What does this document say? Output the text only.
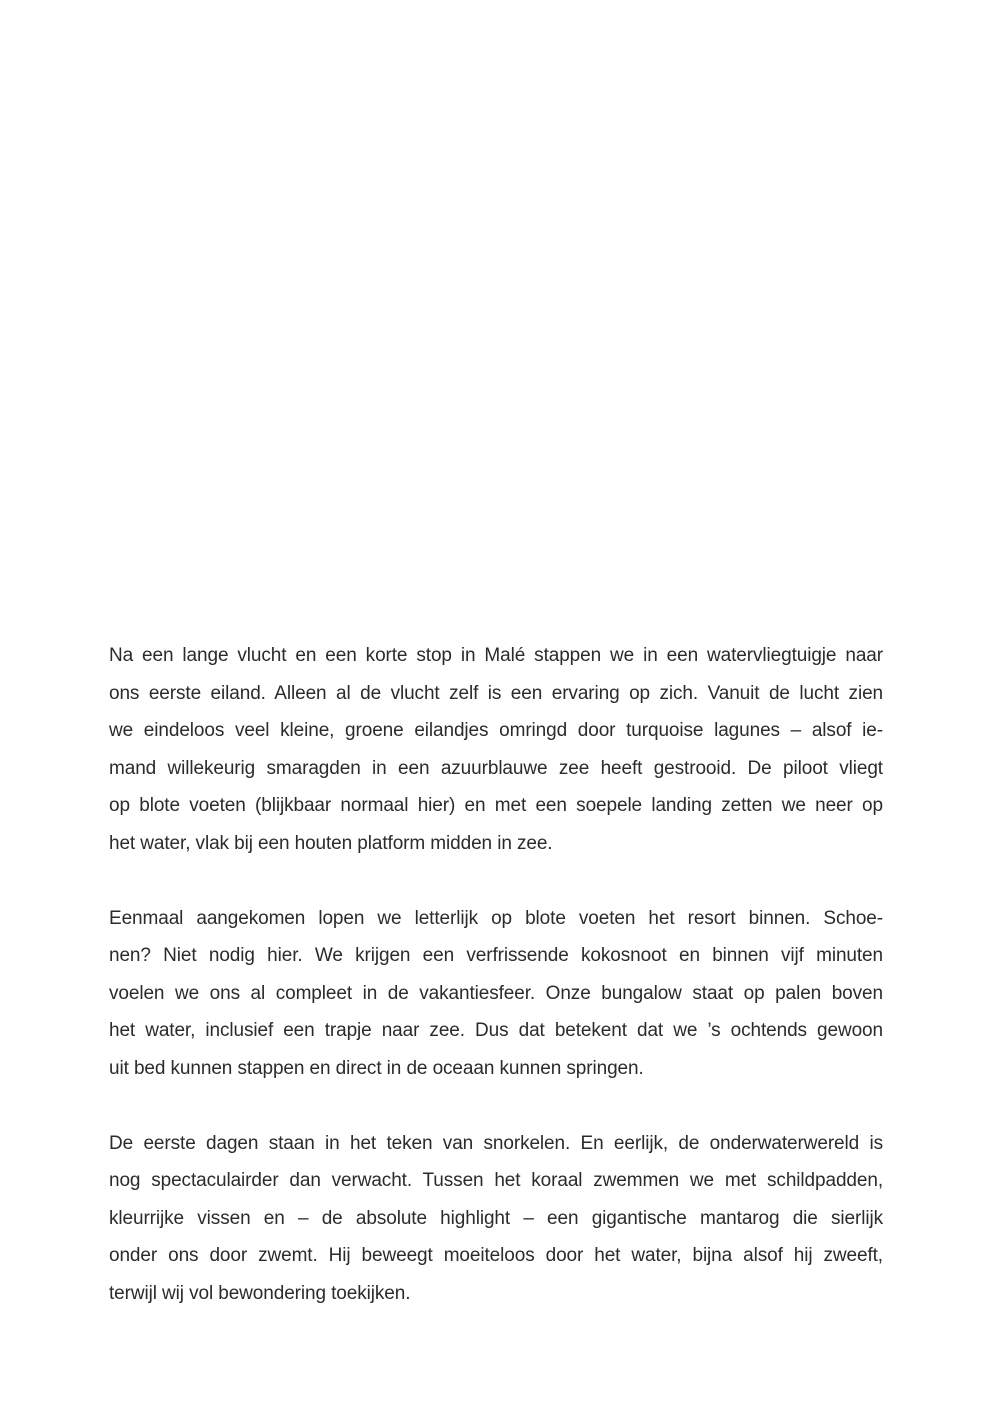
Na een lange vlucht en een korte stop in Malé stappen we in een watervliegtuigje naar
ons eerste eiland. Alleen al de vlucht zelf is een ervaring op zich. Vanuit de lucht zien
we eindeloos veel kleine, groene eilandjes omringd door turquoise lagunes – alsof ie-
mand willekeurig smaragden in een azuurblauwe zee heeft gestrooid. De piloot vliegt
op blote voeten (blijkbaar normaal hier) en met een soepele landing zetten we neer op
het water, vlak bij een houten platform midden in zee.

Eenmaal aangekomen lopen we letterlijk op blote voeten het resort binnen. Schoe-
nen? Niet nodig hier. We krijgen een verfrissende kokosnoot en binnen vijf minuten
voelen we ons al compleet in de vakantiesfeer. Onze bungalow staat op palen boven
het water, inclusief een trapje naar zee. Dus dat betekent dat we ’s ochtends gewoon
uit bed kunnen stappen en direct in de oceaan kunnen springen.

De eerste dagen staan in het teken van snorkelen. En eerlijk, de onderwaterwereld is
nog spectaculairder dan verwacht. Tussen het koraal zwemmen we met schildpadden,
kleurrijke vissen en – de absolute highlight – een gigantische mantarog die sierlijk
onder ons door zwemt. Hij beweegt moeiteloos door het water, bijna alsof hij zweeft,
terwijl wij vol bewondering toekijken.
